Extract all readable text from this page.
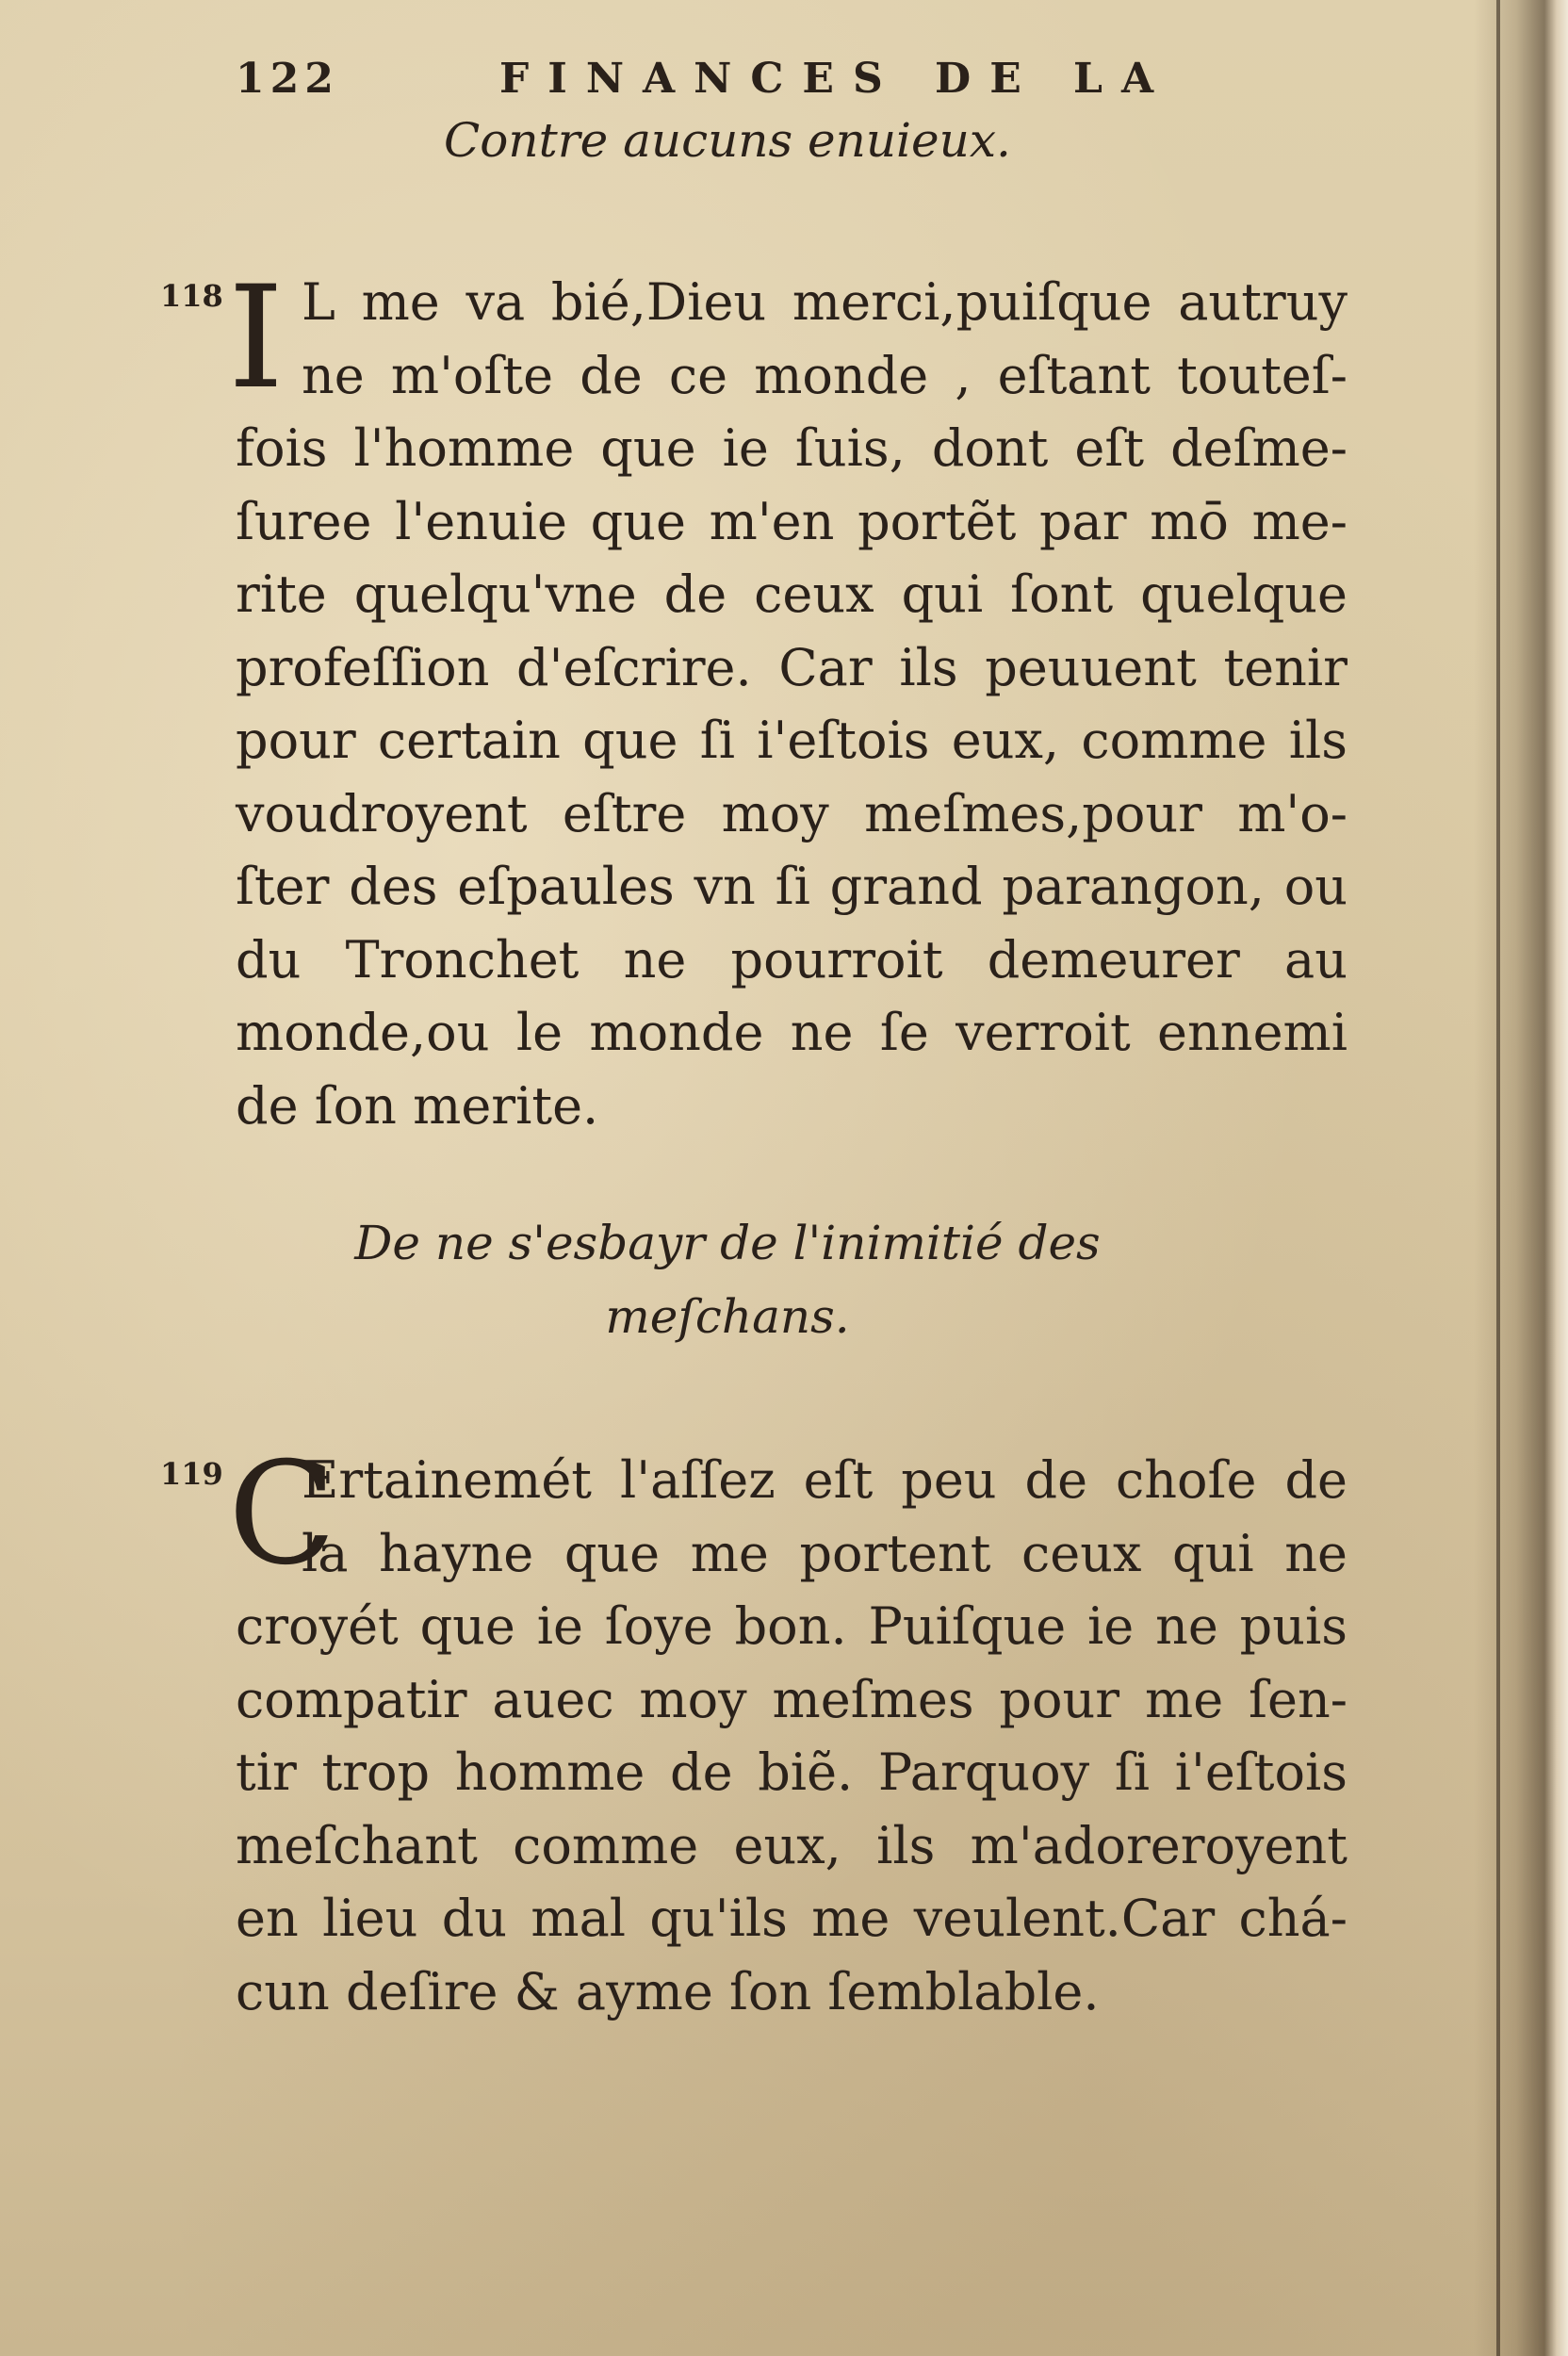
122	FINANCES DE LA
Contre aucuns enuieux.
118 I L me va bié,Dieu merci,puiſque autruy
ne m'oſte de ce monde , eſtant touteſ-
fois l'homme que ie ſuis, dont eſt deſme-
ſuree l'enuie que m'en portẽt par mō me-
rite quelqu'vne de ceux qui ſont quelque
profeſſion d'eſcrire. Car ils peuuent tenir
pour certain que ſi i'eſtois eux, comme ils
voudroyent eſtre moy meſmes,pour m'o-
ſter des eſpaules vn ſi grand parangon, ou
du Tronchet ne pourroit demeurer au
monde,ou le monde ne ſe verroit ennemi
de ſon merite.
De ne s'esbayr de l'inimitié des
meſchans.
119 C
Ertainemét l'aſſez eſt peu de choſe de
la hayne que me portent ceux qui ne
croyét que ie ſoye bon. Puiſque ie ne puis
compatir auec moy meſmes pour me ſen-
tir trop homme de biẽ. Parquoy ſi i'eſtois
meſchant comme eux, ils m'adoreroyent
en lieu du mal qu'ils me veulent.Car chá-
cun deſire & ayme ſon ſemblable.
